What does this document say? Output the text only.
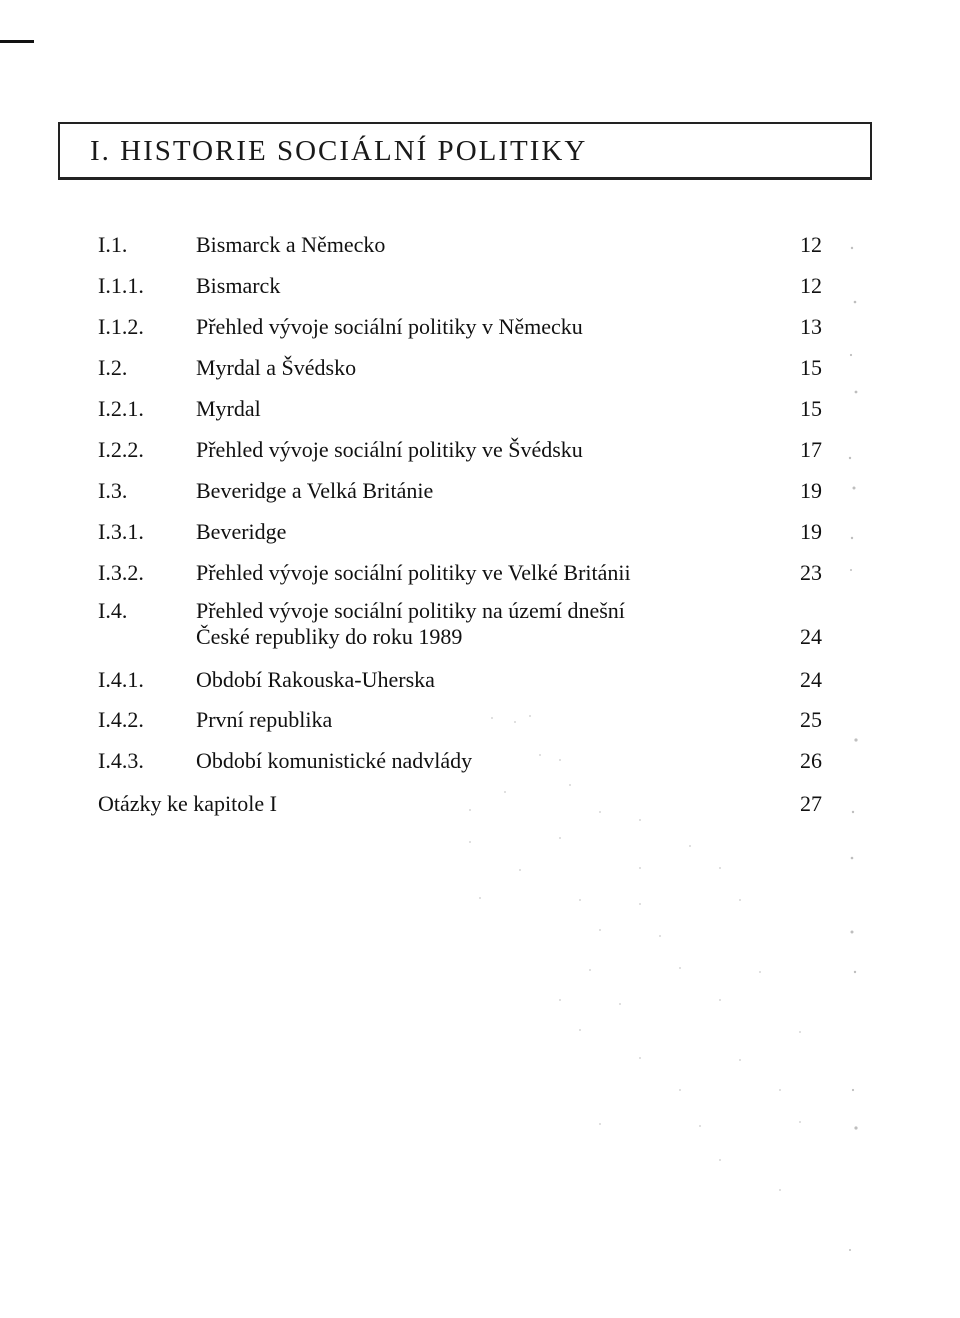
I. HISTORIE SOCIÁLNÍ POLITIKY
I.1.	Bismarck a Německo	12
I.1.1. Bismarck	12
I.1.2. Přehled vývoje sociální politiky v Německu	13
I.2.	Myrdal a Švédsko	15
I.2.1. Myrdal	15
I.2.2. Přehled vývoje sociální politiky ve Švédsku	17
I.3.	Beveridge a Velká Británie	19
I.3.1. Beveridge	19
I.3.2. Přehled vývoje sociální politiky ve Velké Británii	23
I.4.	Přehled vývoje sociální politiky na území dnešní
České republiky do roku 1989	24
I.4.1. Období Rakouska-Uherska	24
I.4.2. První republika	25
I.4.3. Období komunistické nadvlády	26
Otázky ke kapitole I	27
